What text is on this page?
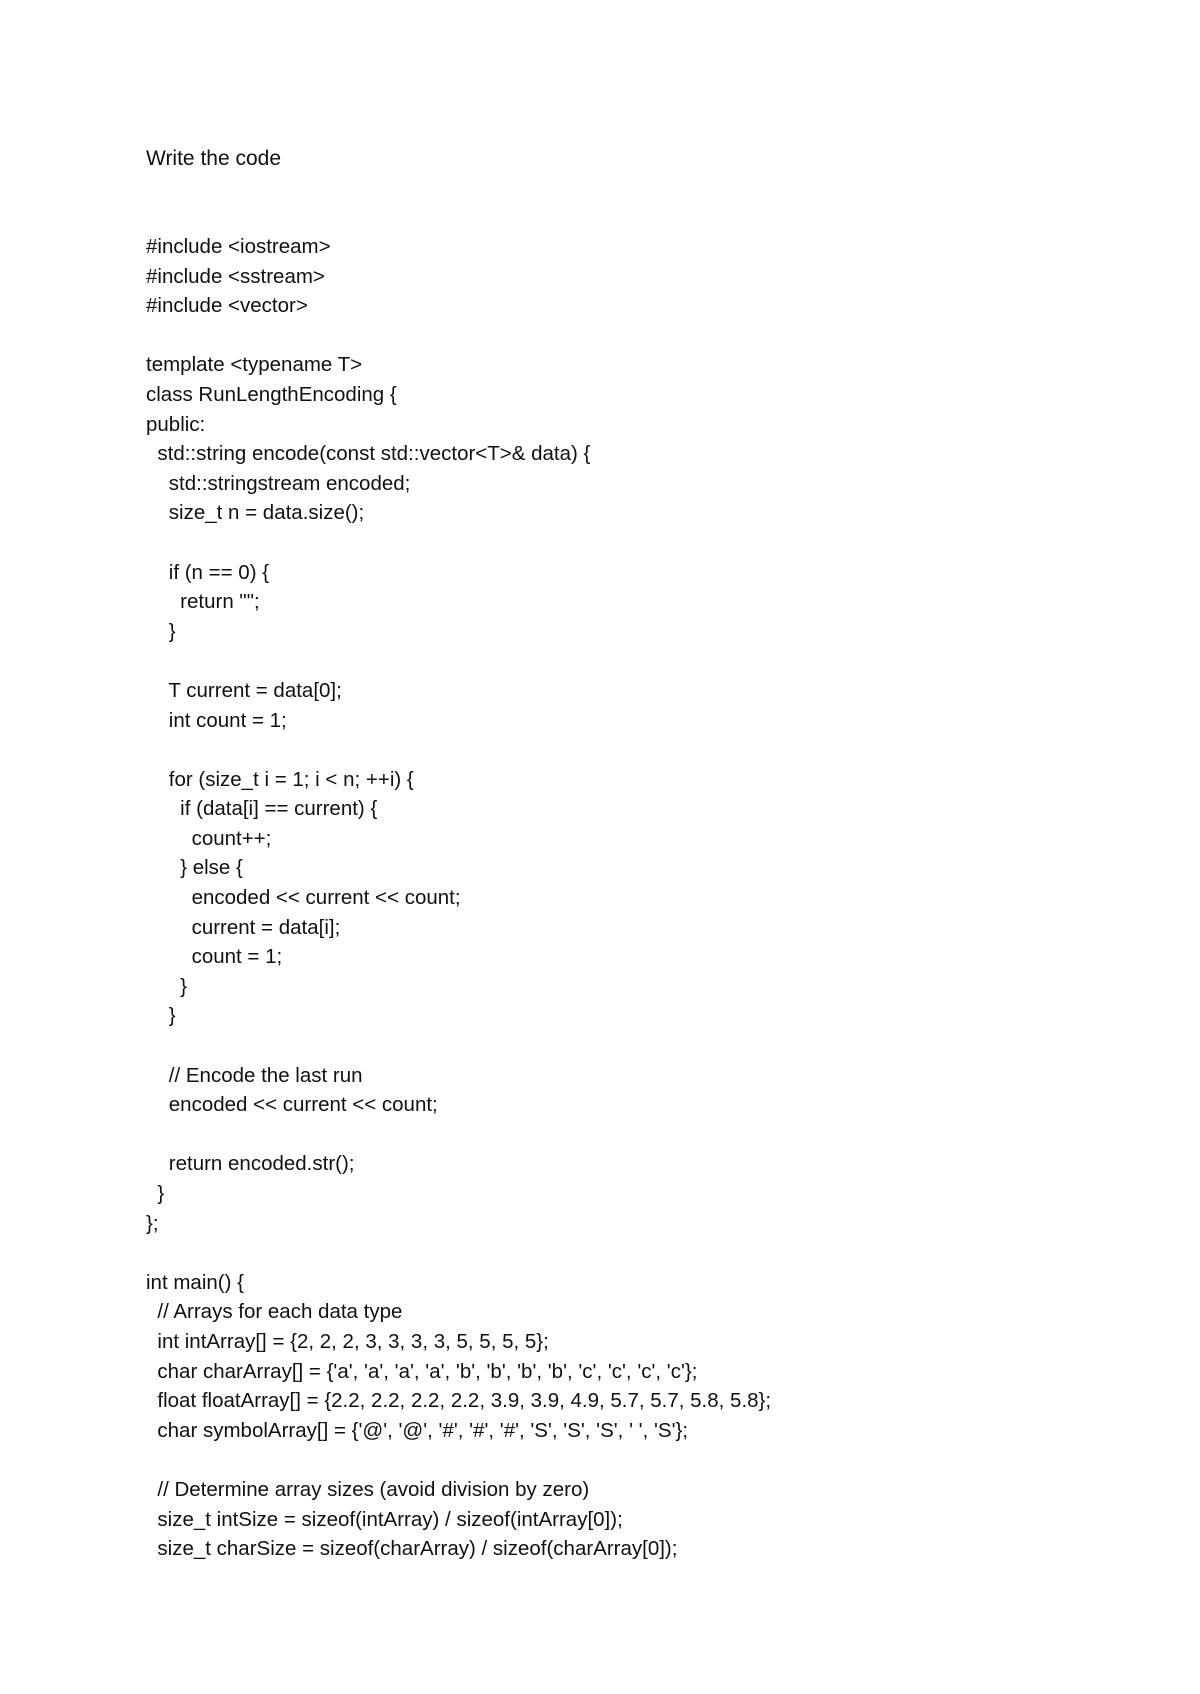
Write the code
#include <iostream>
#include <sstream>
#include <vector>
template <typename T>
class RunLengthEncoding {
public:
std::string encode(const std::vector<T>& data) {
std::stringstream encoded;
size_t n = data.size();
if (n == 0) {
return "";
}
T current = data[0];
int count = 1;
for (size_t i = 1; i < n; ++i) {
if (data[i] == current) {
count++;
} else {
encoded << current << count;
current = data[i];
count = 1;
}
}
// Encode the last run
encoded << current << count;
return encoded.str();
}
};
int main() {
// Arrays for each data type
int intArray[] = {2, 2, 2, 3, 3, 3, 3, 5, 5, 5, 5};
char charArray[] = {'a', 'a', 'a', 'a', 'b', 'b', 'b', 'b', 'c', 'c', 'c', 'c'};
float floatArray[] = {2.2, 2.2, 2.2, 2.2, 3.9, 3.9, 4.9, 5.7, 5.7, 5.8, 5.8};
char symbolArray[] = {'@', '@', '#', '#', '#', 'S', 'S', 'S', ' ', 'S'};
// Determine array sizes (avoid division by zero)
size_t intSize = sizeof(intArray) / sizeof(intArray[0]);
size_t charSize = sizeof(charArray) / sizeof(charArray[0]);
